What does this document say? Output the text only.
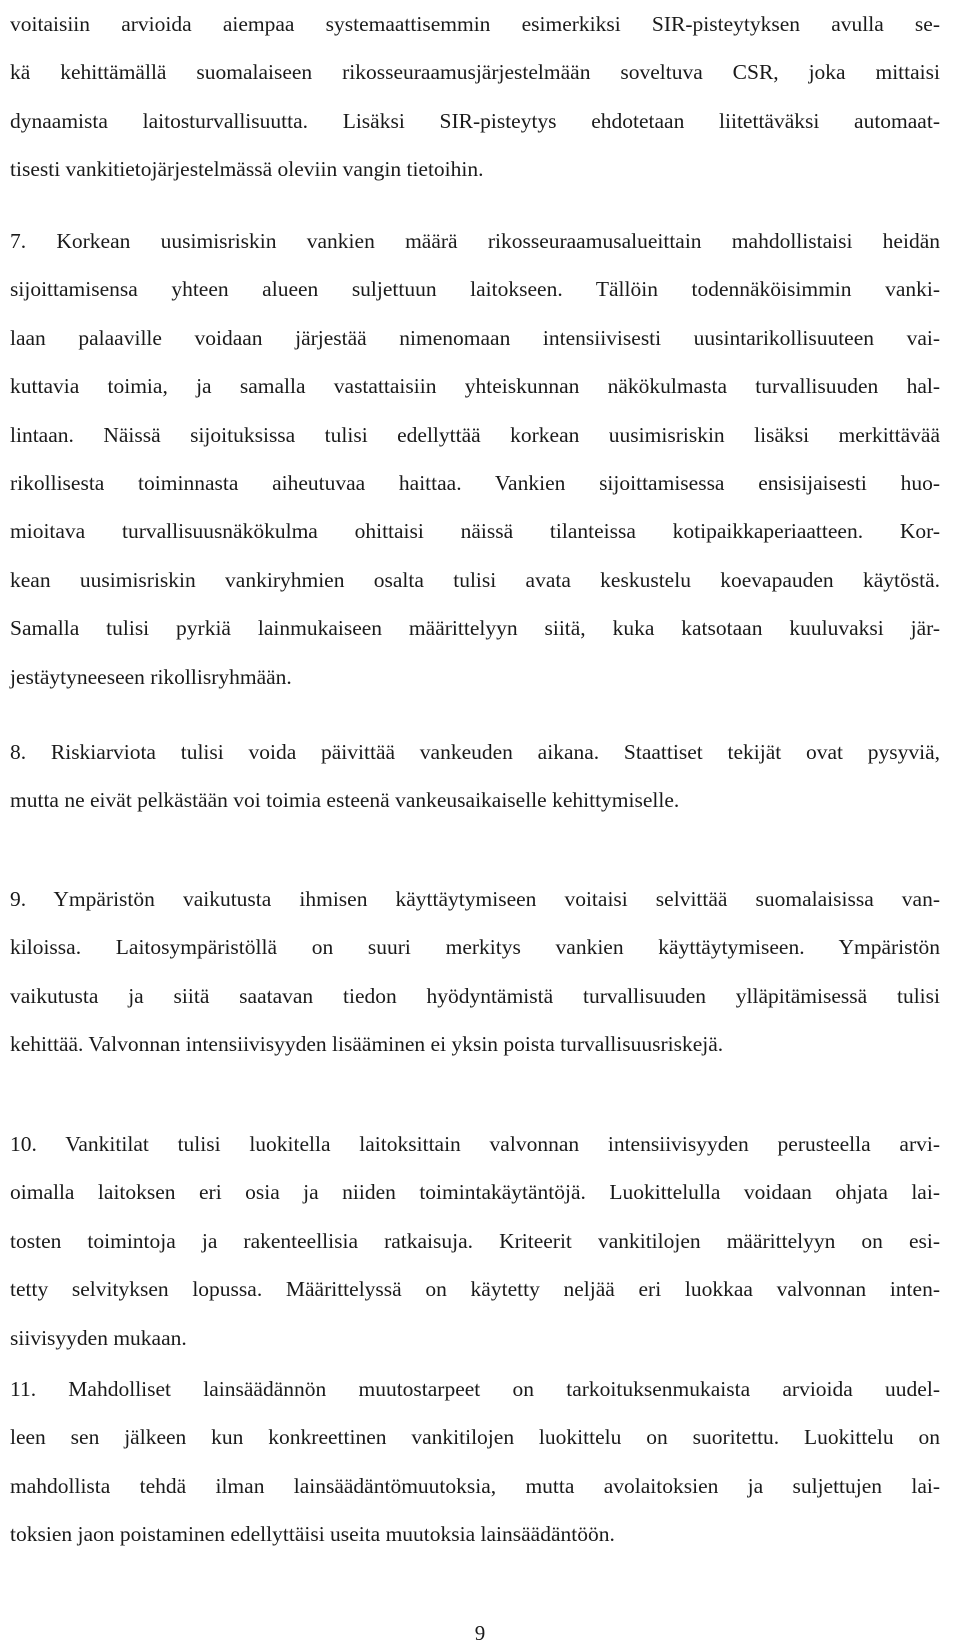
voitaisiin arvioida aiempaa systemaattisemmin esimerkiksi SIR-pisteytyksen avulla se-
kä kehittämällä suomalaiseen rikosseuraamusjärjestelmään soveltuva CSR, joka mittaisi
dynaamista laitosturvallisuutta. Lisäksi SIR-pisteytys ehdotetaan liitettäväksi automaat-
tisesti vankitietojärjestelmässä oleviin vangin tietoihin.
7. Korkean uusimisriskin vankien määrä rikosseuraamusalueittain mahdollistaisi heidän
sijoittamisensa yhteen alueen suljettuun laitokseen. Tällöin todennäköisimmin vanki-
laan palaaville voidaan järjestää nimenomaan intensiivisesti uusintarikollisuuteen vai-
kuttavia toimia, ja samalla vastattaisiin yhteiskunnan näkökulmasta turvallisuuden hal-
lintaan. Näissä sijoituksissa tulisi edellyttää korkean uusimisriskin lisäksi merkittävää
rikollisesta toiminnasta aiheutuvaa haittaa. Vankien sijoittamisessa ensisijaisesti huo-
mioitava turvallisuusnäkökulma ohittaisi näissä tilanteissa kotipaikkaperiaatteen. Kor-
kean uusimisriskin vankiryhmien osalta tulisi avata keskustelu koevapauden käytöstä.
Samalla tulisi pyrkiä lainmukaiseen määrittelyyn siitä, kuka katsotaan kuuluvaksi jär-
jestäytyneeseen rikollisryhmään.
8. Riskiarviota tulisi voida päivittää vankeuden aikana. Staattiset tekijät ovat pysyviä,
mutta ne eivät pelkästään voi toimia esteenä vankeusaikaiselle kehittymiselle.
9. Ympäristön vaikutusta ihmisen käyttäytymiseen voitaisi selvittää suomalaisissa van-
kiloissa. Laitosympäristöllä on suuri merkitys vankien käyttäytymiseen. Ympäristön
vaikutusta ja siitä saatavan tiedon hyödyntämistä turvallisuuden ylläpitämisessä tulisi
kehittää. Valvonnan intensiivisyyden lisääminen ei yksin poista turvallisuusriskejä.
10. Vankitilat tulisi luokitella laitoksittain valvonnan intensiivisyyden perusteella arvi-
oimalla laitoksen eri osia ja niiden toimintakäytäntöjä. Luokittelulla voidaan ohjata lai-
tosten toimintoja ja rakenteellisia ratkaisuja. Kriteerit vankitilojen määrittelyyn on esi-
tetty selvityksen lopussa. Määrittelyssä on käytetty neljää eri luokkaa valvonnan inten-
siivisyyden mukaan.
11. Mahdolliset lainsäädännön muutostarpeet on tarkoituksenmukaista arvioida uudel-
leen sen jälkeen kun konkreettinen vankitilojen luokittelu on suoritettu. Luokittelu on
mahdollista tehdä ilman lainsäädäntömuutoksia, mutta avolaitoksien ja suljettujen lai-
toksien jaon poistaminen edellyttäisi useita muutoksia lainsäädäntöön.
9
